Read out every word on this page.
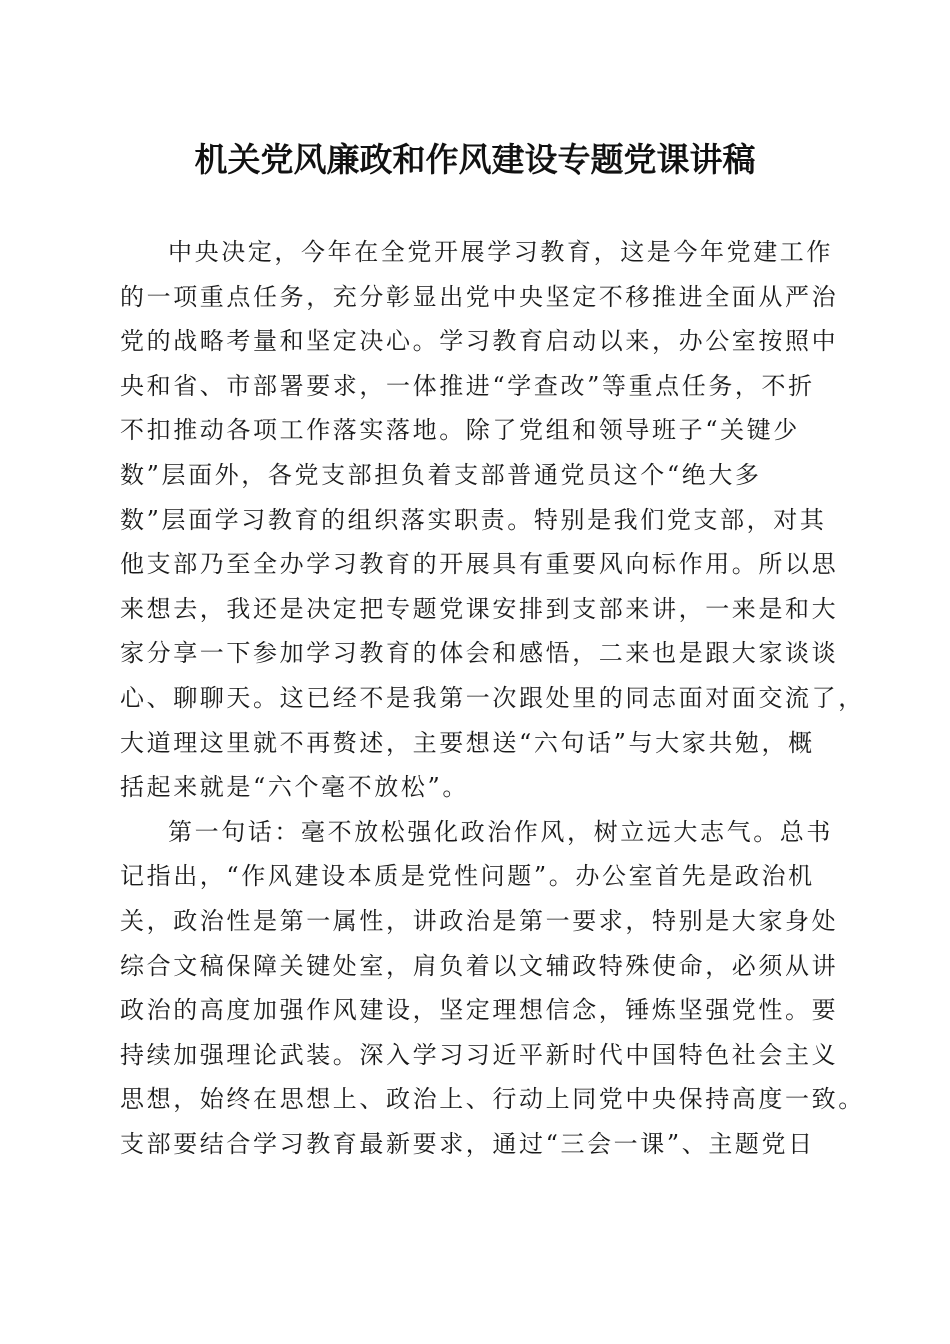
机关党风廉政和作风建设专题党课讲稿
中央决定，今年在全党开展学习教育，这是今年党建工作
的一项重点任务，充分彰显出党中央坚定不移推进全面从严治
党的战略考量和坚定决心。学习教育启动以来，办公室按照中
央和省、市部署要求，一体推进“学查改”等重点任务，不折
不扣推动各项工作落实落地。除了党组和领导班子“关键少
数”层面外，各党支部担负着支部普通党员这个“绝大多
数”层面学习教育的组织落实职责。特别是我们党支部，对其
他支部乃至全办学习教育的开展具有重要风向标作用。所以思
来想去，我还是决定把专题党课安排到支部来讲，一来是和大
家分享一下参加学习教育的体会和感悟，二来也是跟大家谈谈
心、聊聊天。这已经不是我第一次跟处里的同志面对面交流了，
大道理这里就不再赘述，主要想送“六句话”与大家共勉，概
括起来就是“六个毫不放松”。
第一句话：毫不放松强化政治作风，树立远大志气。总书
记指出，“作风建设本质是党性问题”。办公室首先是政治机
关，政治性是第一属性，讲政治是第一要求，特别是大家身处
综合文稿保障关键处室，肩负着以文辅政特殊使命，必须从讲
政治的高度加强作风建设，坚定理想信念，锤炼坚强党性。要
持续加强理论武装。深入学习习近平新时代中国特色社会主义
思想，始终在思想上、政治上、行动上同党中央保持高度一致。
支部要结合学习教育最新要求，通过“三会一课”、主题党日
